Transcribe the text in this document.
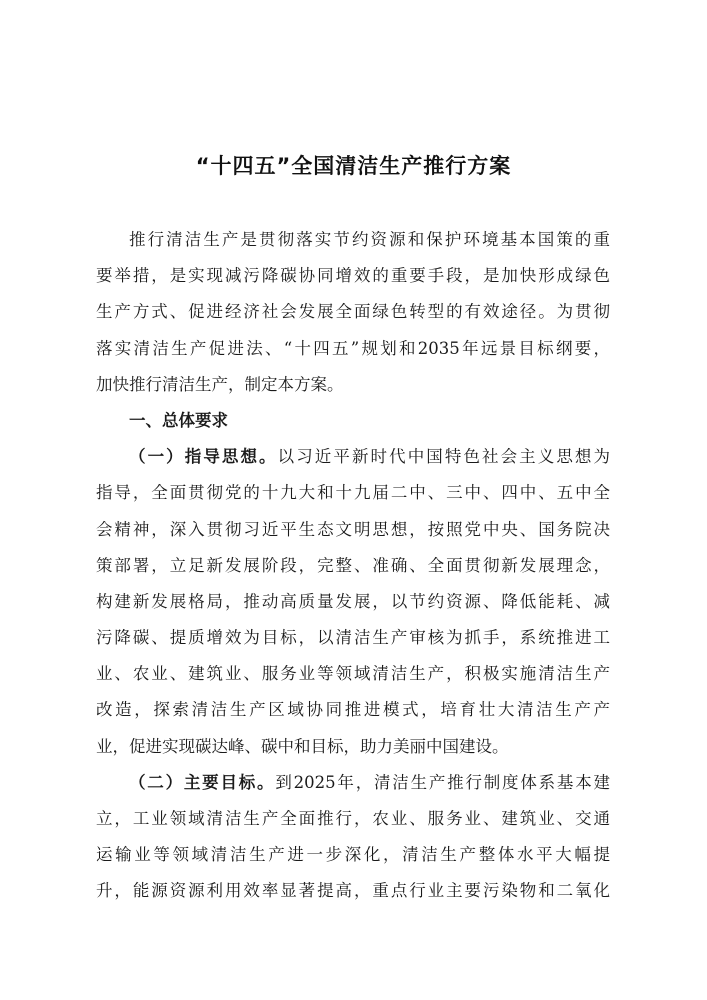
“十四五”全国清洁生产推行方案
推行清洁生产是贯彻落实节约资源和保护环境基本国策的重
要举措，是实现减污降碳协同增效的重要手段，是加快形成绿色
生产方式、促进经济社会发展全面绿色转型的有效途径。为贯彻
落实清洁生产促进法、“十四五”规划和2035年远景目标纲要，
加快推行清洁生产，制定本方案。
一、总体要求
（一）指导思想。以习近平新时代中国特色社会主义思想为
指导，全面贯彻党的十九大和十九届二中、三中、四中、五中全
会精神，深入贯彻习近平生态文明思想，按照党中央、国务院决
策部署，立足新发展阶段，完整、准确、全面贯彻新发展理念，
构建新发展格局，推动高质量发展，以节约资源、降低能耗、减
污降碳、提质增效为目标，以清洁生产审核为抓手，系统推进工
业、农业、建筑业、服务业等领域清洁生产，积极实施清洁生产
改造，探索清洁生产区域协同推进模式，培育壮大清洁生产产
业，促进实现碳达峰、碳中和目标，助力美丽中国建设。
（二）主要目标。到2025年，清洁生产推行制度体系基本建
立，工业领域清洁生产全面推行，农业、服务业、建筑业、交通
运输业等领域清洁生产进一步深化，清洁生产整体水平大幅提
升，能源资源利用效率显著提高，重点行业主要污染物和二氧化
